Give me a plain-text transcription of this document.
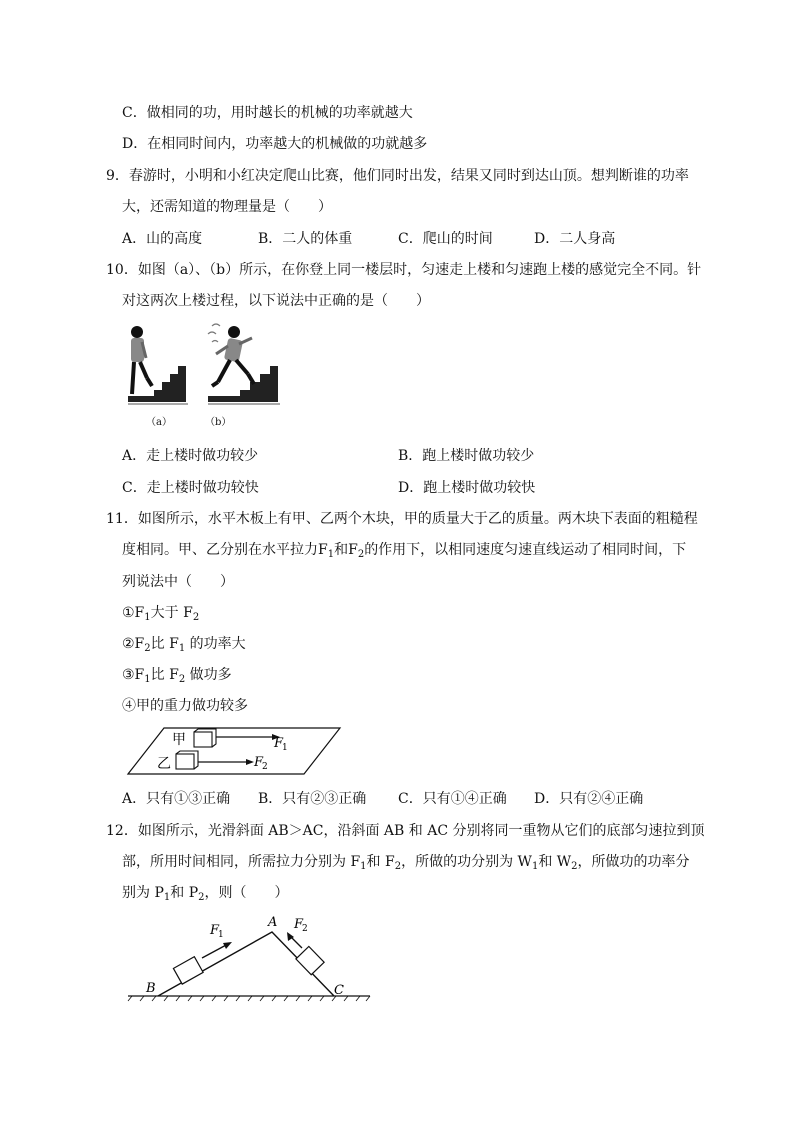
C．做相同的功，用时越长的机械的功率就越大
D．在相同时间内，功率越大的机械做的功就越多
9．春游时，小明和小红决定爬山比赛，他们同时出发，结果又同时到达山顶。想判断谁的功率
大，还需知道的物理量是（　　）
A．山的高度	B．二人的体重	C．爬山的时间	D．二人身高
10．如图（a）、（b）所示，在你登上同一楼层时，匀速走上楼和匀速跑上楼的感觉完全不同。针
对这两次上楼过程，以下说法中正确的是（　　）
（a）	（b）
A．走上楼时做功较少	B．跑上楼时做功较少
C．走上楼时做功较快	D．跑上楼时做功较快
11．如图所示，水平木板上有甲、乙两个木块，甲的质量大于乙的质量。两木块下表面的粗糙程
度相同。甲、乙分别在水平拉力$F_1$和$F_2$的作用下，以相同速度匀速直线运动了相同时间，下
列说法中（　　）
$①F_1$大于 $F_2$
$②F_2$比 $F_1$ 的功率大
$③F_1$比 $F_2$ 做功多
④甲的重力做功较多
甲
乙
F
1
F
2
A．只有①③正确 B．只有②③正确 C．只有①④正确 D．只有②④正确
12．如图所示，光滑斜面 AB＞AC，沿斜面 AB 和 AC 分别将同一重物从它们的底部匀速拉到顶
部，所用时间相同，所需拉力分别为 $F_1$和 $F_2$，所做的功分别为 $W_1$和 $W_2$，所做功的功率分
别为 $P_1$和 $P_2$，则（　　）
A
B	C
F
1
F
2
